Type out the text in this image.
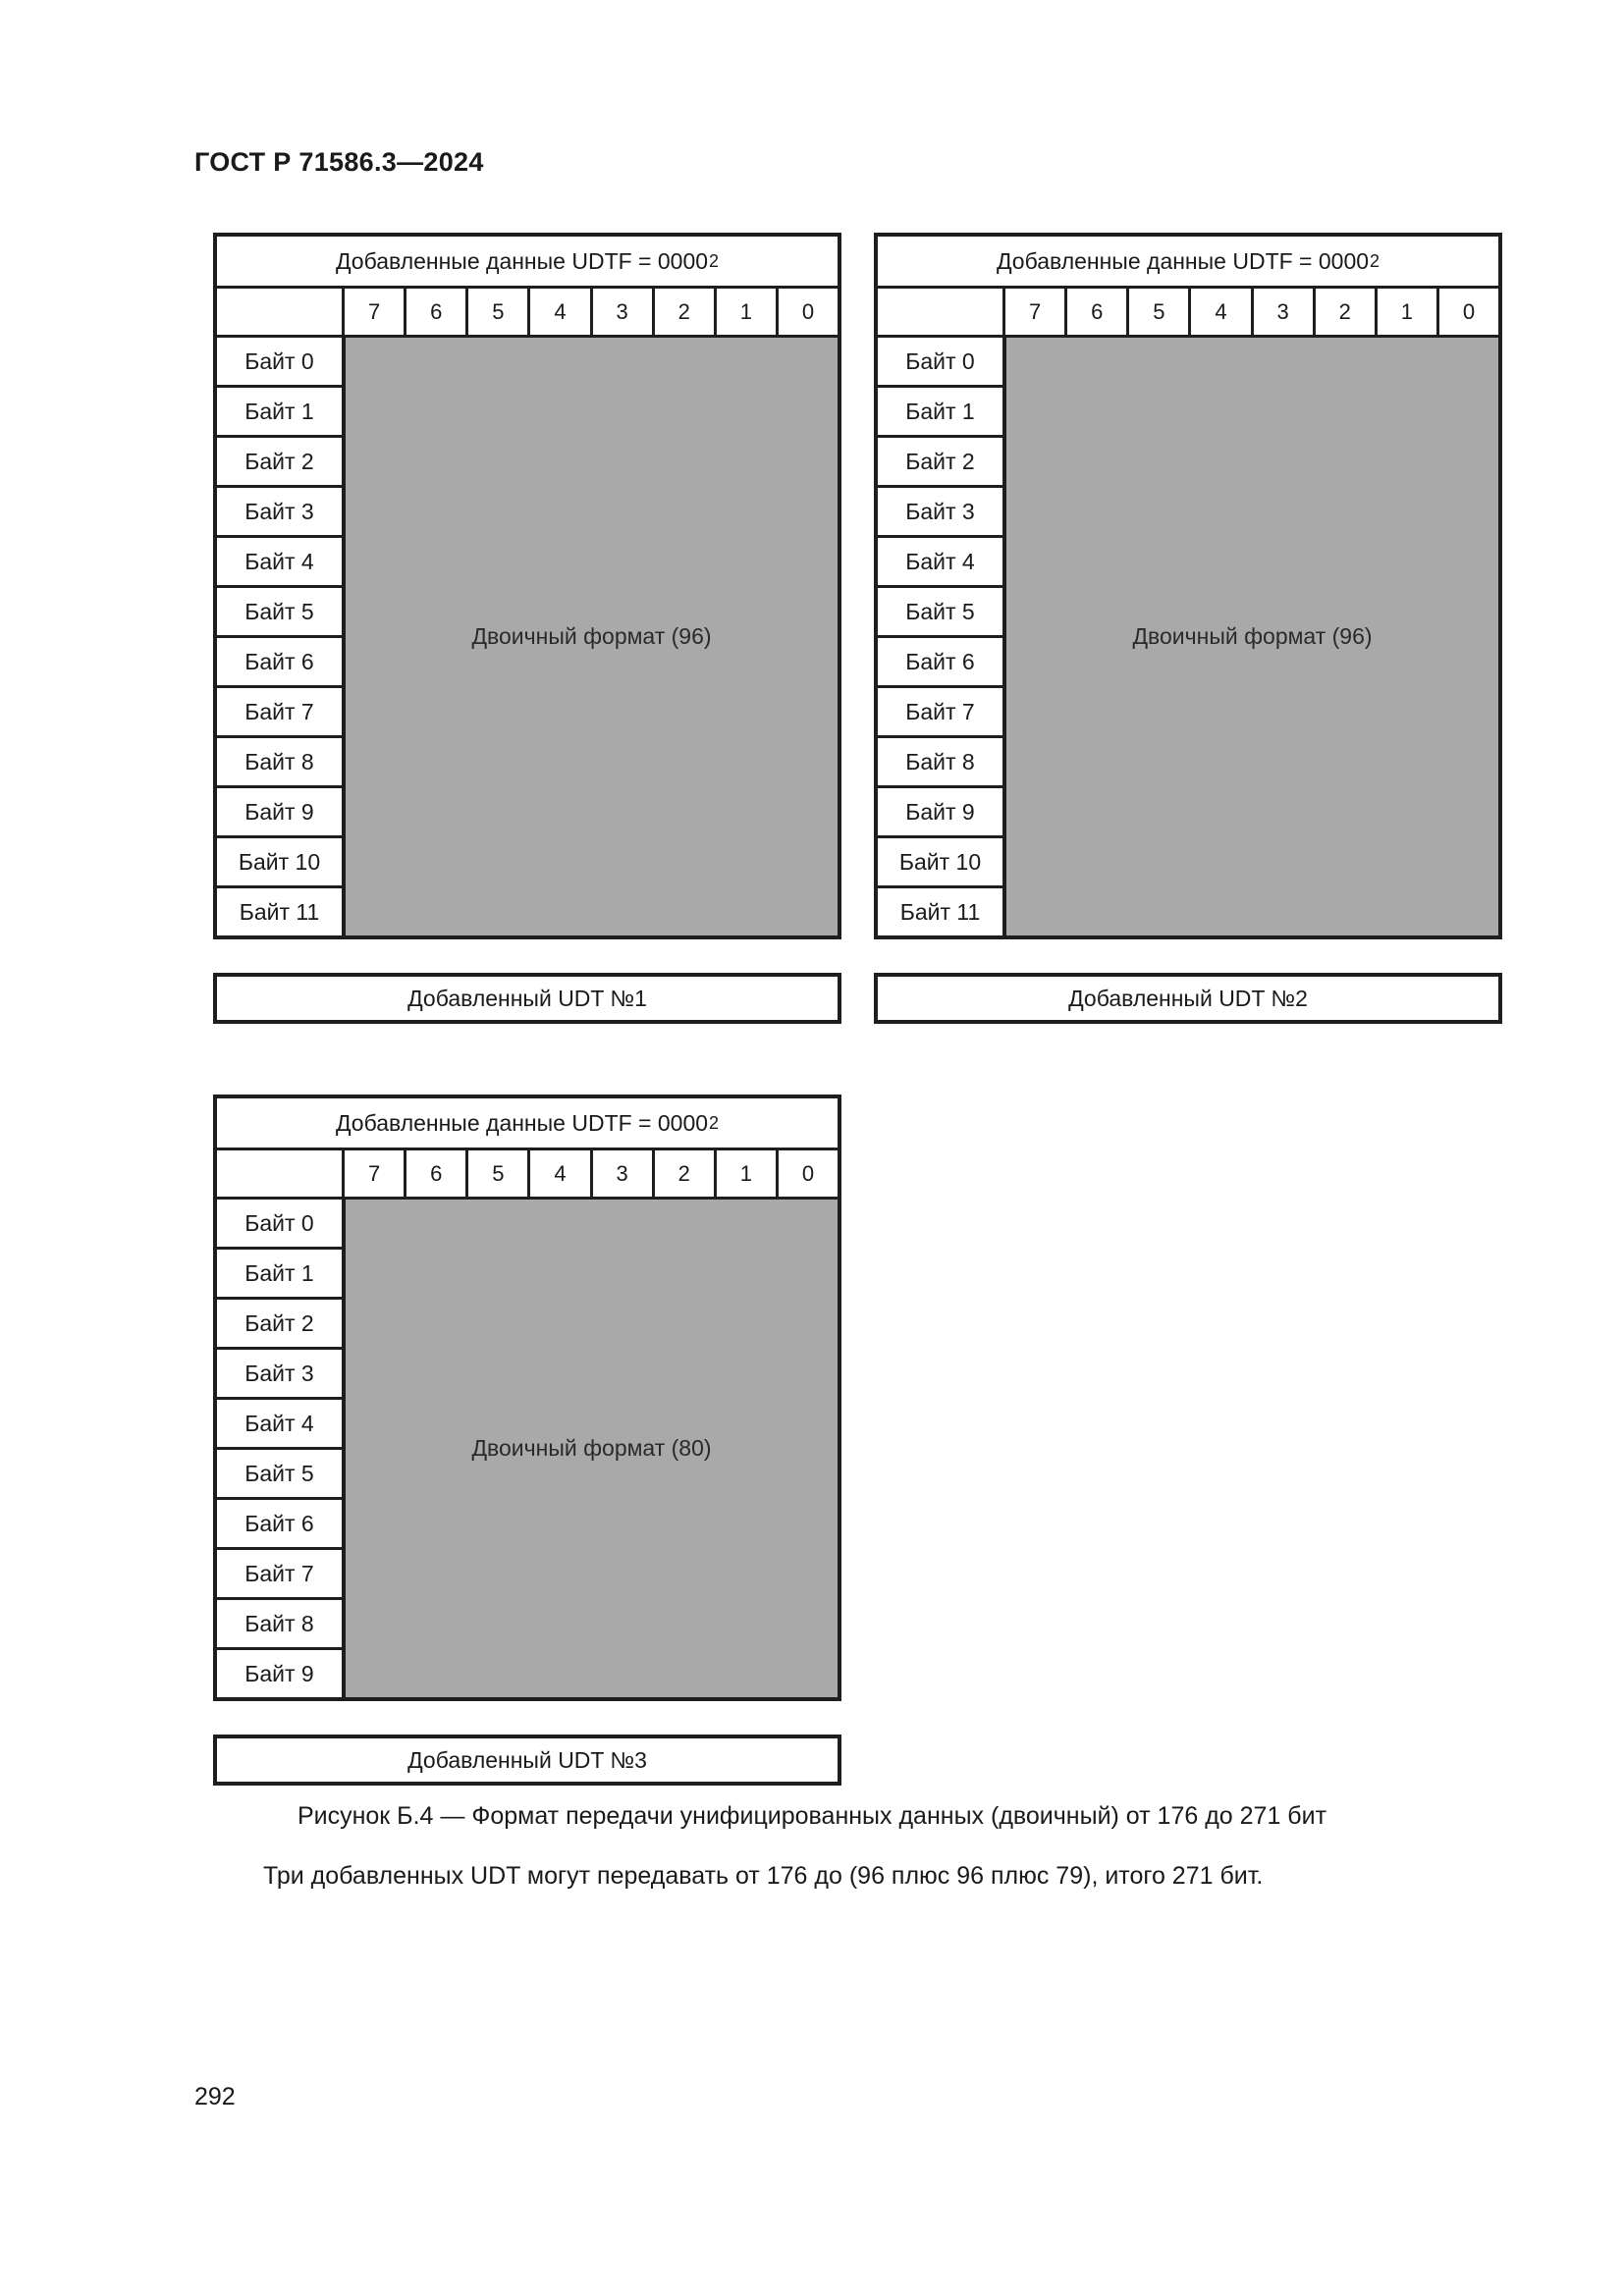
ГОСТ Р 71586.3—2024
Добавленные данные UDTF = 0000 2
7	6	5	4	3	2	1	0
Байт 0
Байт 1
Байт 2
Байт 3
Байт 4
Байт 5
Байт 6
Байт 7
Байт 8
Байт 9
Байт 10
Байт 11
Двоичный формат (96)
Добавленный UDT №1
Добавленные данные UDTF = 0000 2
7	6	5	4	3	2	1	0
Байт 0
Байт 1
Байт 2
Байт 3
Байт 4
Байт 5
Байт 6
Байт 7
Байт 8
Байт 9
Байт 10
Байт 11
Двоичный формат (96)
Добавленный UDT №2
Добавленные данные UDTF = 0000 2
7	6	5	4	3	2	1	0
Байт 0
Байт 1
Байт 2
Байт 3
Байт 4
Байт 5
Байт 6
Байт 7
Байт 8
Байт 9
Двоичный формат (80)
Добавленный UDT №3
Рисунок Б.4 — Формат передачи унифицированных данных (двоичный) от 176 до 271 бит
Три добавленных UDT могут передавать от 176 до (96 плюс 96 плюс 79), итого 271 бит.
292
